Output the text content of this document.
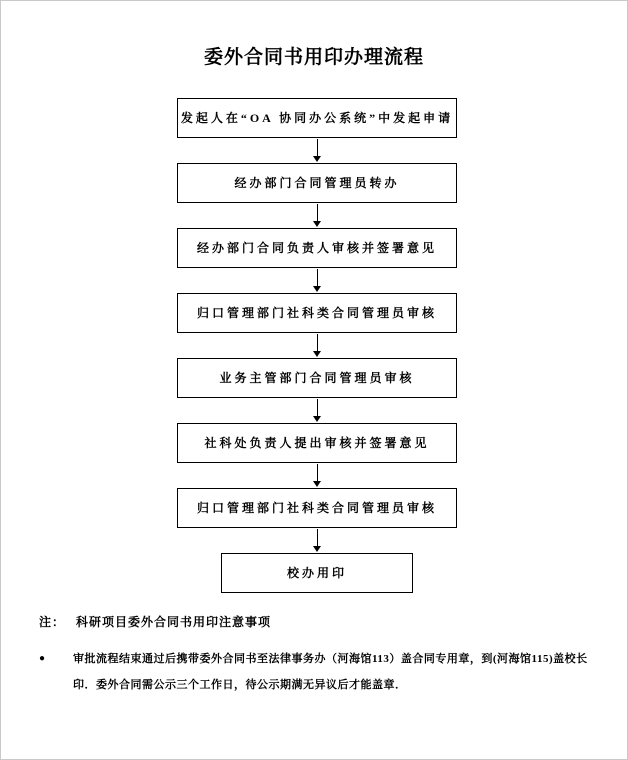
委外合同书用印办理流程
发起人在“OA 协同办公系统”中发起申请
经办部门合同管理员转办
经办部门合同负责人审核并签署意见
归口管理部门社科类合同管理员审核
业务主管部门合同管理员审核
社科处负责人提出审核并签署意见
归口管理部门社科类合同管理员审核
校办用印
注： 科研项目委外合同书用印注意事项
●	审批流程结束通过后携带委外合同书至法律事务办（河海馆113）盖合同专用章，到(河海馆115)盖校长印．委外合同需公示三个工作日，待公示期满无异议后才能盖章．
